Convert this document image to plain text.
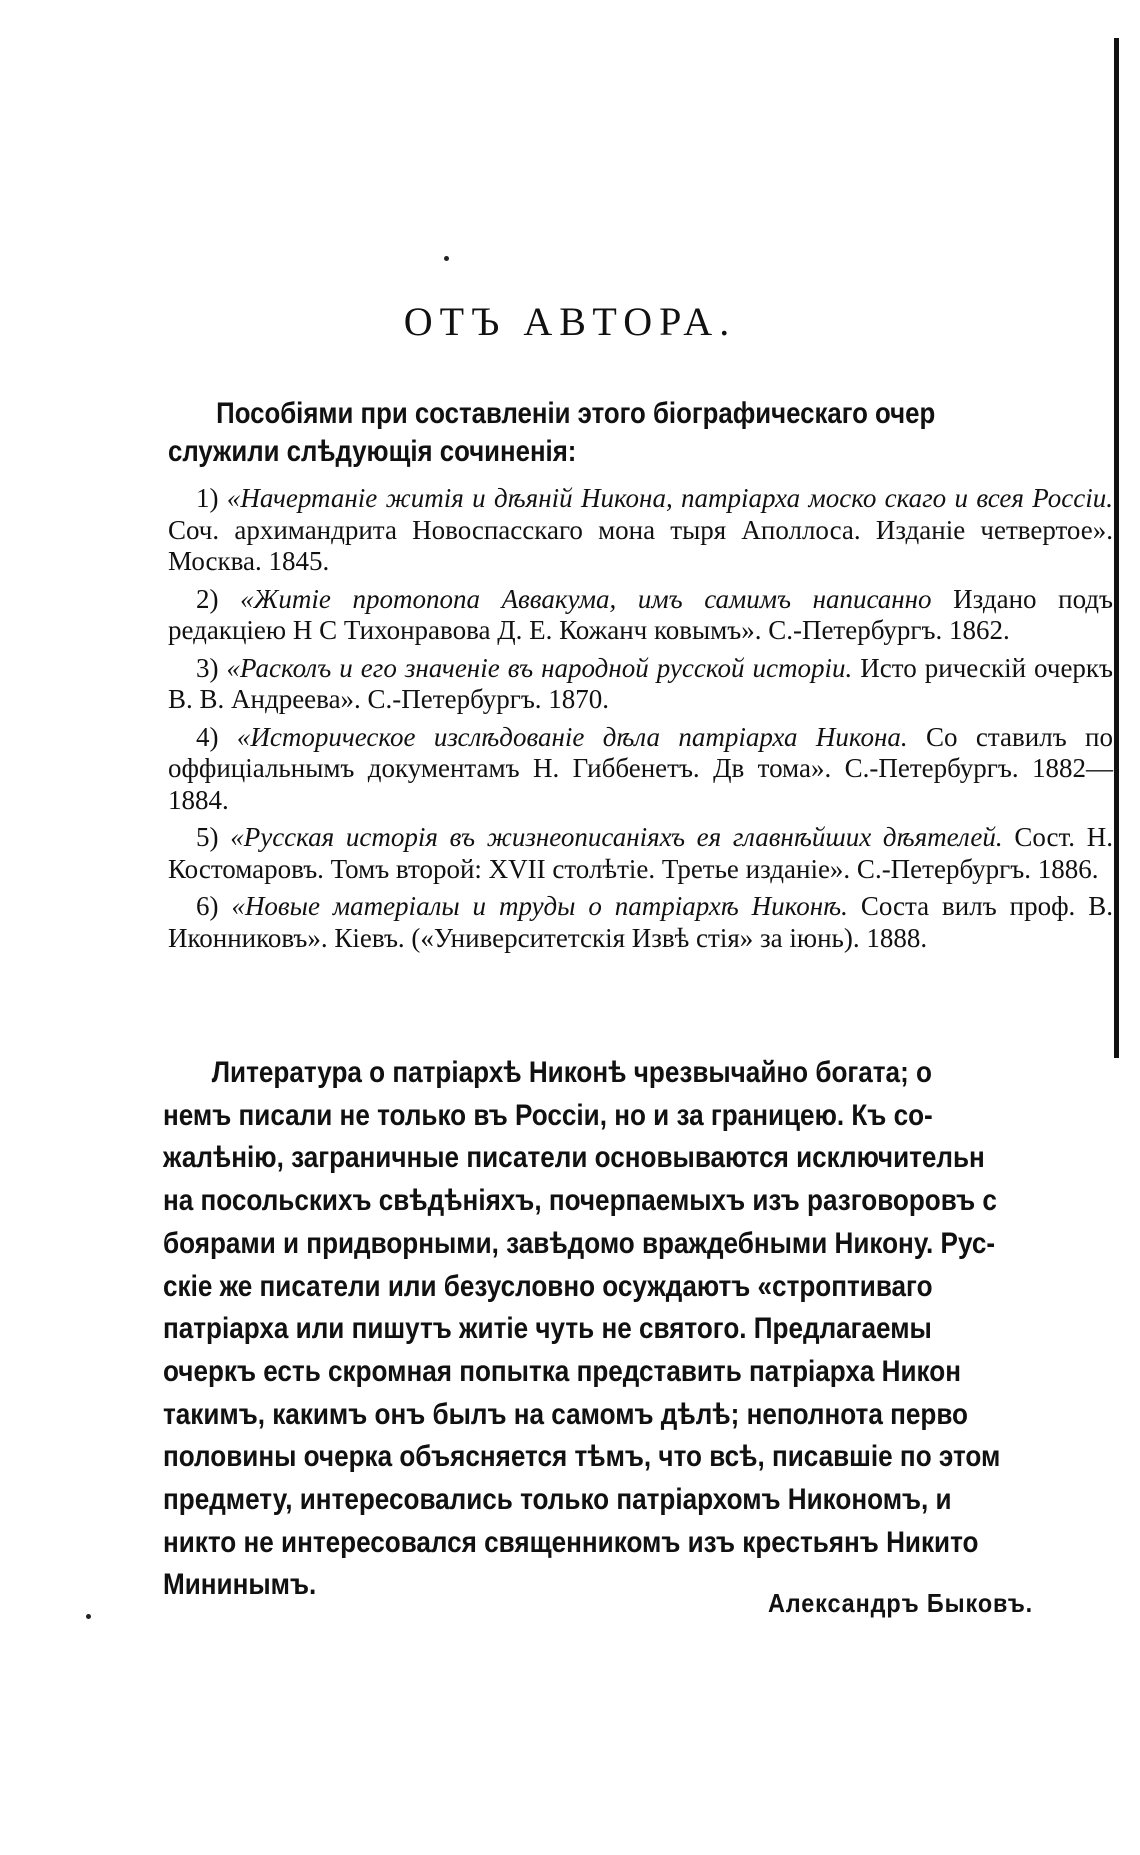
ОТЪ АВТОРА.
Пособіями при составленіи этого біографическаго очер
служили слѣдующія сочиненія:

1) «Начертаніе житія и дѣяній Никона, патріарха моско скаго и всея Россіи. Соч. архимандрита Новоспасскаго мона тыря Аполлоса. Изданіе четвертое». Москва. 1845.

2) «Житіе протопопа Аввакума, имъ самимъ написанно Издано подъ редакціею Н С Тихонравова Д. Е. Кожанч ковымъ». С.-Петербургъ. 1862.

3) «Расколъ и его значеніе въ народной русской исторіи. Исто рическій очеркъ В. В. Андреева». С.-Петербургъ. 1870.

4) «Историческое изслѣдованіе дѣла патріарха Никона. Со ставилъ по оффиціальнымъ документамъ Н. Гиббенетъ. Дв тома». С.-Петербургъ. 1882—1884.

5) «Русская исторія въ жизнеописаніяхъ ея главнѣйших дѣятелей. Сост. Н. Костомаровъ. Томъ второй: XVII столѣтіе. Третье изданіе». С.-Петербургъ. 1886.

6) «Новые матеріалы и труды о патріархѣ Никонѣ. Соста вилъ проф. В. Иконниковъ». Кіевъ. («Университетскія Извѣ стія» за іюнь). 1888.

Литература о патріархѣ Никонѣ чрезвычайно богата; о
немъ писали не только въ Россіи, но и за границею. Къ со-
жалѣнію, заграничные писатели основываются исключительн
на посольскихъ свѣдѣніяхъ, почерпаемыхъ изъ разговоровъ с
боярами и придворными, завѣдомо враждебными Никону. Рус-
скіе же писатели или безусловно осуждаютъ «строптиваго
патріарха или пишутъ житіе чуть не святого. Предлагаемы
очеркъ есть скромная попытка представить патріарха Никон
такимъ, какимъ онъ былъ на самомъ дѣлѣ; неполнота перво
половины очерка объясняется тѣмъ, что всѣ, писавшіе по этом
предмету, интересовались только патріархомъ Никономъ, и
никто не интересовался священникомъ изъ крестьянъ Никито
Мининымъ.
Александръ Быковъ.
